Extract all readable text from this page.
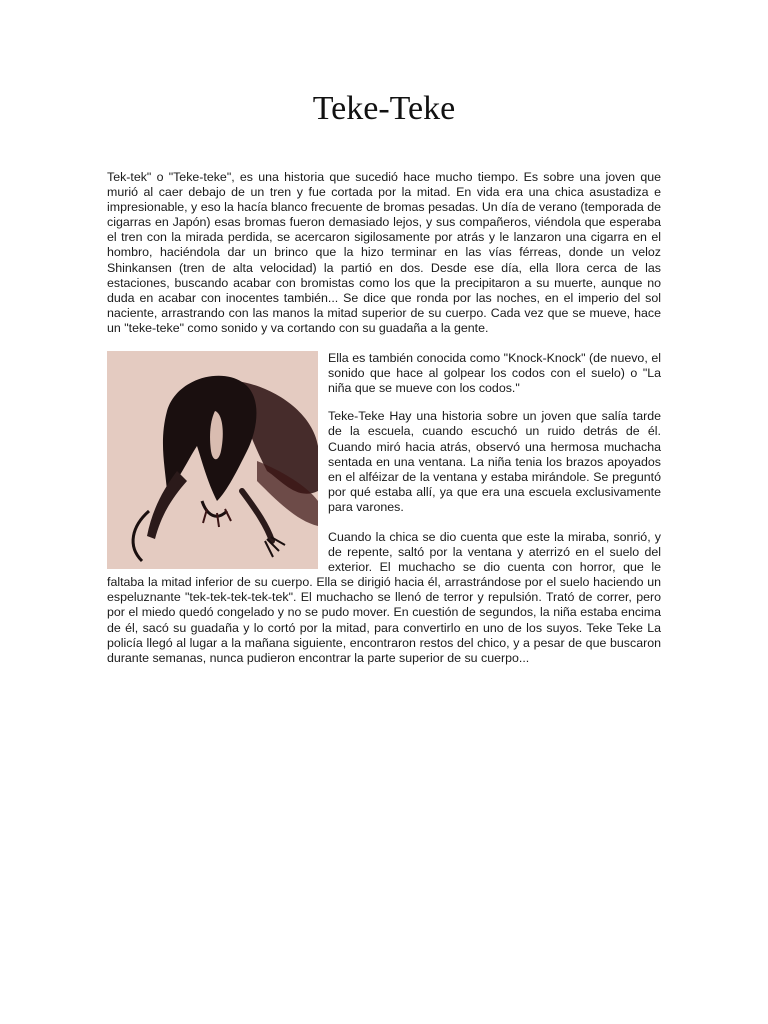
Teke-Teke

Tek-tek" o "Teke-teke", es una historia que sucedió hace mucho tiempo. Es sobre una joven que murió al caer debajo de un tren y fue cortada por la mitad. En vida era una chica asustadiza e impresionable, y eso la hacía blanco frecuente de bromas pesadas. Un día de verano (temporada de cigarras en Japón) esas bromas fueron demasiado lejos, y sus compañeros, viéndola que esperaba el tren con la mirada perdida, se acercaron sigilosamente por atrás y le lanzaron una cigarra en el hombro, haciéndola dar un brinco que la hizo terminar en las vías férreas, donde un veloz Shinkansen (tren de alta velocidad) la partió en dos. Desde ese día, ella llora cerca de las estaciones, buscando acabar con bromistas como los que la precipitaron a su muerte, aunque no duda en acabar con inocentes también... Se dice que ronda por las noches, en el imperio del sol naciente, arrastrando con las manos la mitad superior de su cuerpo. Cada vez que se mueve, hace un "teke-teke" como sonido y va cortando con su guadaña a la gente.

Ella es también conocida como "Knock-Knock" (de nuevo, el sonido que hace al golpear los codos con el suelo) o "La niña que se mueve con los codos."

Teke-Teke Hay una historia sobre un joven que salía tarde de la escuela, cuando escuchó un ruido detrás de él. Cuando miró hacia atrás, observó una hermosa muchacha sentada en una ventana. La niña tenia los brazos apoyados en el alféizar de la ventana y estaba mirándole. Se preguntó por qué estaba allí, ya que era una escuela exclusivamente para varones.

Cuando la chica se dio cuenta que este la miraba, sonrió, y de repente, saltó por la ventana y aterrizó en el suelo del exterior. El muchacho se dio cuenta con horror, que le faltaba la mitad inferior de su cuerpo. Ella se dirigió hacia él, arrastrándose por el suelo haciendo un espeluznante "tek-tek-tek-tek-tek". El muchacho se llenó de terror y repulsión. Trató de correr, pero por el miedo quedó congelado y no se pudo mover. En cuestión de segundos, la niña estaba encima de él, sacó su guadaña y lo cortó por la mitad, para convertirlo en uno de los suyos. Teke Teke La policía llegó al lugar a la mañana siguiente, encontraron restos del chico, y a pesar de que buscaron durante semanas, nunca pudieron encontrar la parte superior de su cuerpo...
